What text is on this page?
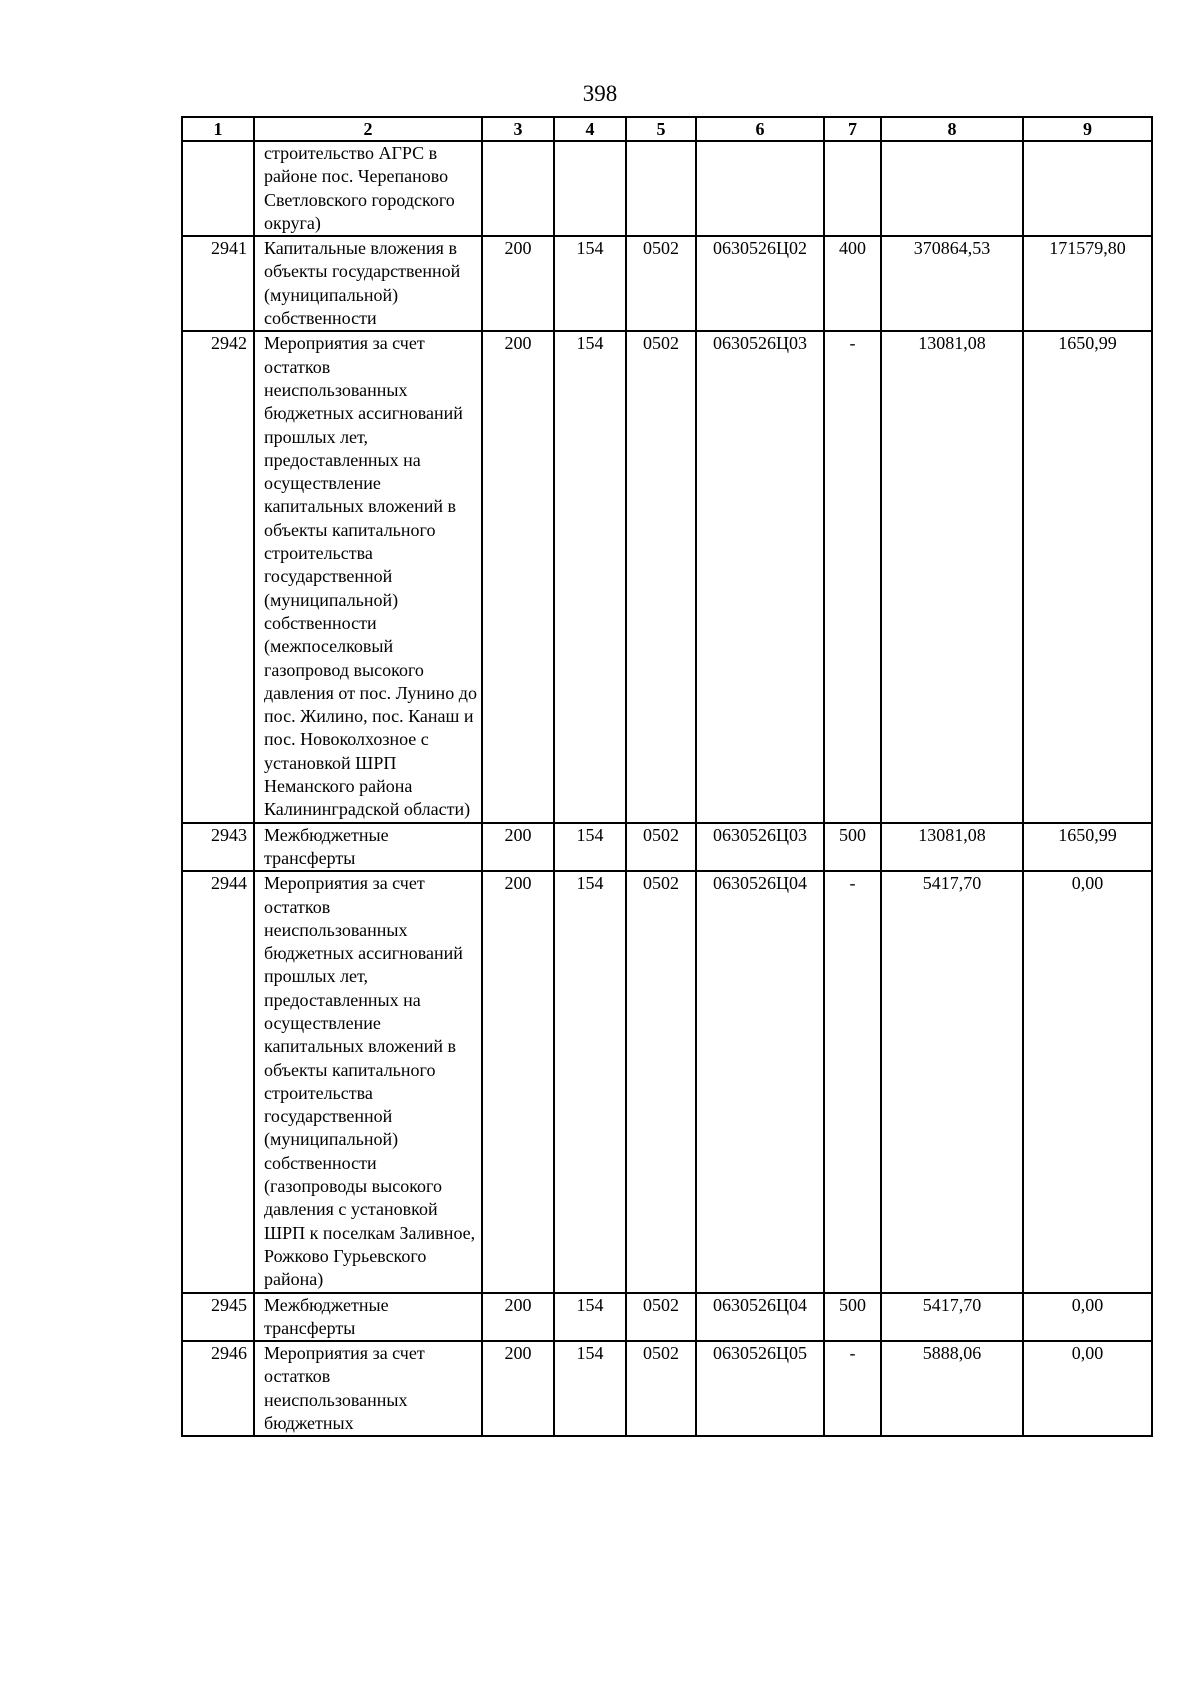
398
1	2	3	4	5	6	7	8	9
	строительство АГРС в районе пос. Черепаново Светловского городского округа)							
2941	Капитальные вложения в объекты государственной (муниципальной) собственности	200	154	0502	0630526Ц02	400	370864,53	171579,80
2942	Мероприятия за счет остатков неиспользованных бюджетных ассигнований прошлых лет, предоставленных на осуществление капитальных вложений в объекты капитального строительства государственной (муниципальной) собственности (межпоселковый газопровод высокого давления от пос. Лунино до пос. Жилино, пос. Канаш и пос. Новоколхозное с установкой ШРП Неманского района Калининградской области)	200	154	0502	0630526Ц03	-	13081,08	1650,99
2943	Межбюджетные трансферты	200	154	0502	0630526Ц03	500	13081,08	1650,99
2944	Мероприятия за счет остатков неиспользованных бюджетных ассигнований прошлых лет, предоставленных на осуществление капитальных вложений в объекты капитального строительства государственной (муниципальной) собственности (газопроводы высокого давления с установкой ШРП к поселкам Заливное, Рожково Гурьевского района)	200	154	0502	0630526Ц04	-	5417,70	0,00
2945	Межбюджетные трансферты	200	154	0502	0630526Ц04	500	5417,70	0,00
2946	Мероприятия за счет остатков неиспользованных бюджетных	200	154	0502	0630526Ц05	-	5888,06	0,00
